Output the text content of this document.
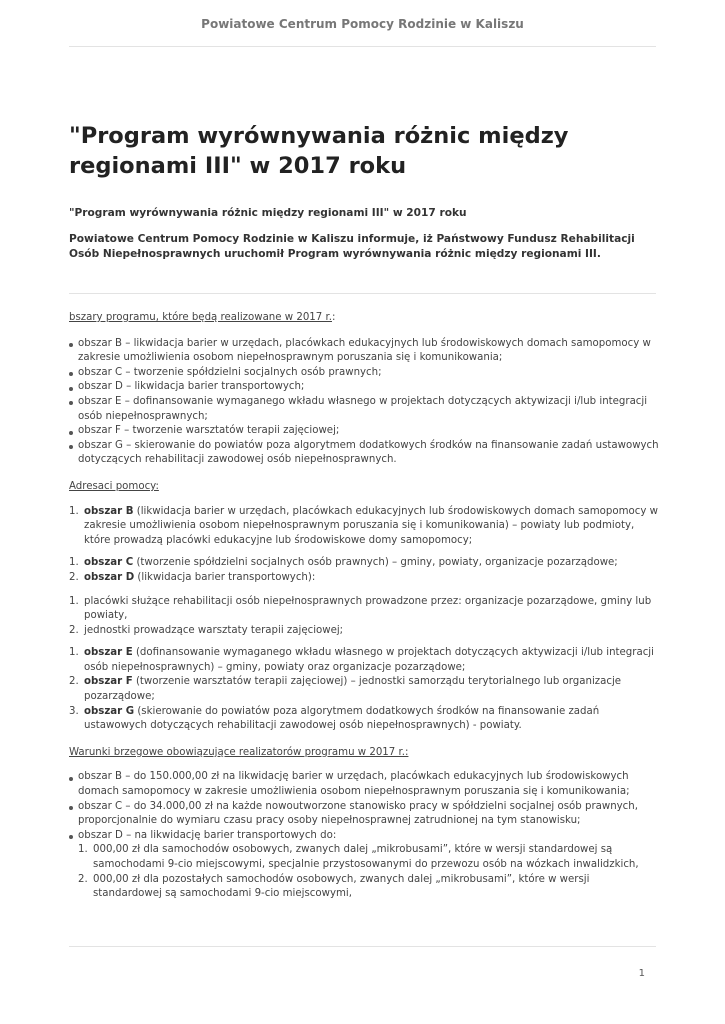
Powiatowe Centrum Pomocy Rodzinie w Kaliszu
"Program wyrównywania różnic między regionami III" w 2017 roku
"Program wyrównywania różnic między regionami III" w 2017 roku
Powiatowe Centrum Pomocy Rodzinie w Kaliszu informuje, iż Państwowy Fundusz Rehabilitacji Osób Niepełnosprawnych uruchomił Program wyrównywania różnic między regionami III.
bszary programu, które będą realizowane w 2017 r.:
obszar B – likwidacja barier w urzędach, placówkach edukacyjnych lub środowiskowych domach samopomocy w zakresie umożliwienia osobom niepełnosprawnym poruszania się i komunikowania;
obszar C – tworzenie spółdzielni socjalnych osób prawnych;
obszar D – likwidacja barier transportowych;
obszar E – dofinansowanie wymaganego wkładu własnego w projektach dotyczących aktywizacji i/lub integracji osób niepełnosprawnych;
obszar F – tworzenie warsztatów terapii zajęciowej;
obszar G – skierowanie do powiatów poza algorytmem dodatkowych środków na finansowanie zadań ustawowych dotyczących rehabilitacji zawodowej osób niepełnosprawnych.
Adresaci pomocy:
1. obszar B (likwidacja barier w urzędach, placówkach edukacyjnych lub środowiskowych domach samopomocy w zakresie umożliwienia osobom niepełnosprawnym poruszania się i komunikowania) – powiaty lub podmioty, które prowadzą placówki edukacyjne lub środowiskowe domy samopomocy;
1. obszar C (tworzenie spółdzielni socjalnych osób prawnych) – gminy, powiaty, organizacje pozarządowe;
2. obszar D (likwidacja barier transportowych):
1. placówki służące rehabilitacji osób niepełnosprawnych prowadzone przez: organizacje pozarządowe, gminy lub powiaty,
2. jednostki prowadzące warsztaty terapii zajęciowej;
1. obszar E (dofinansowanie wymaganego wkładu własnego w projektach dotyczących aktywizacji i/lub integracji osób niepełnosprawnych) – gminy, powiaty oraz organizacje pozarządowe;
2. obszar F (tworzenie warsztatów terapii zajęciowej) – jednostki samorządu terytorialnego lub organizacje pozarządowe;
3. obszar G (skierowanie do powiatów poza algorytmem dodatkowych środków na finansowanie zadań ustawowych dotyczących rehabilitacji zawodowej osób niepełnosprawnych) - powiaty.
Warunki brzegowe obowiązujące realizatorów programu w 2017 r.:
obszar B – do 150.000,00 zł na likwidację barier w urzędach, placówkach edukacyjnych lub środowiskowych domach samopomocy w zakresie umożliwienia osobom niepełnosprawnym poruszania się i komunikowania;
obszar C – do 34.000,00 zł na każde nowoutworzone stanowisko pracy w spółdzielni socjalnej osób prawnych, proporcjonalnie do wymiaru czasu pracy osoby niepełnosprawnej zatrudnionej na tym stanowisku;
obszar D – na likwidację barier transportowych do:
1. 000,00 zł dla samochodów osobowych, zwanych dalej „mikrobusami”, które w wersji standardowej są samochodami 9-cio miejscowymi, specjalnie przystosowanymi do przewozu osób na wózkach inwalidzkich,
2. 000,00 zł dla pozostałych samochodów osobowych, zwanych dalej „mikrobusami”, które w wersji standardowej są samochodami 9-cio miejscowymi,
1
